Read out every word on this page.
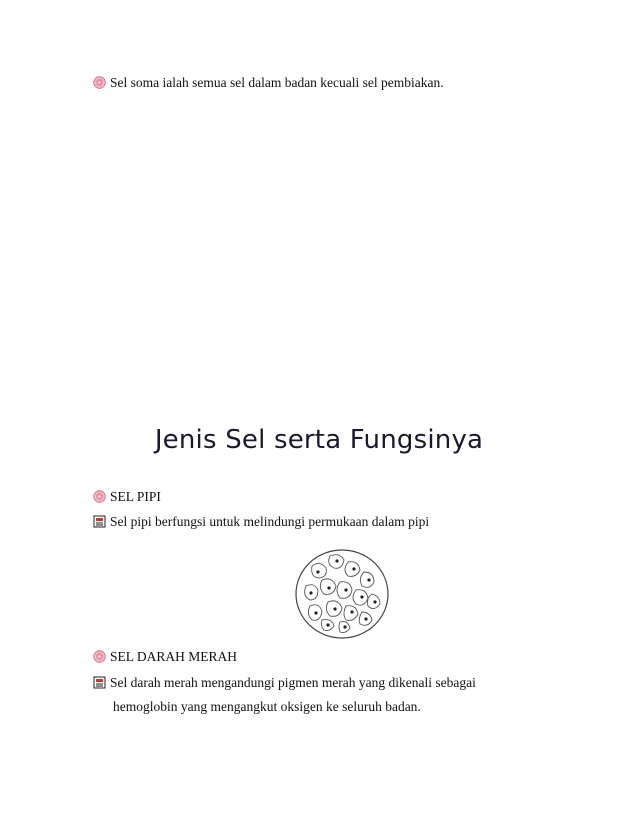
Sel soma ialah semua sel dalam badan kecuali sel pembiakan.
Jenis Sel serta Fungsinya
SEL PIPI
Sel pipi berfungsi untuk melindungi permukaan dalam pipi
SEL DARAH MERAH
Sel darah merah mengandungi pigmen merah yang dikenali sebagai
hemoglobin yang mengangkut oksigen ke seluruh badan.
